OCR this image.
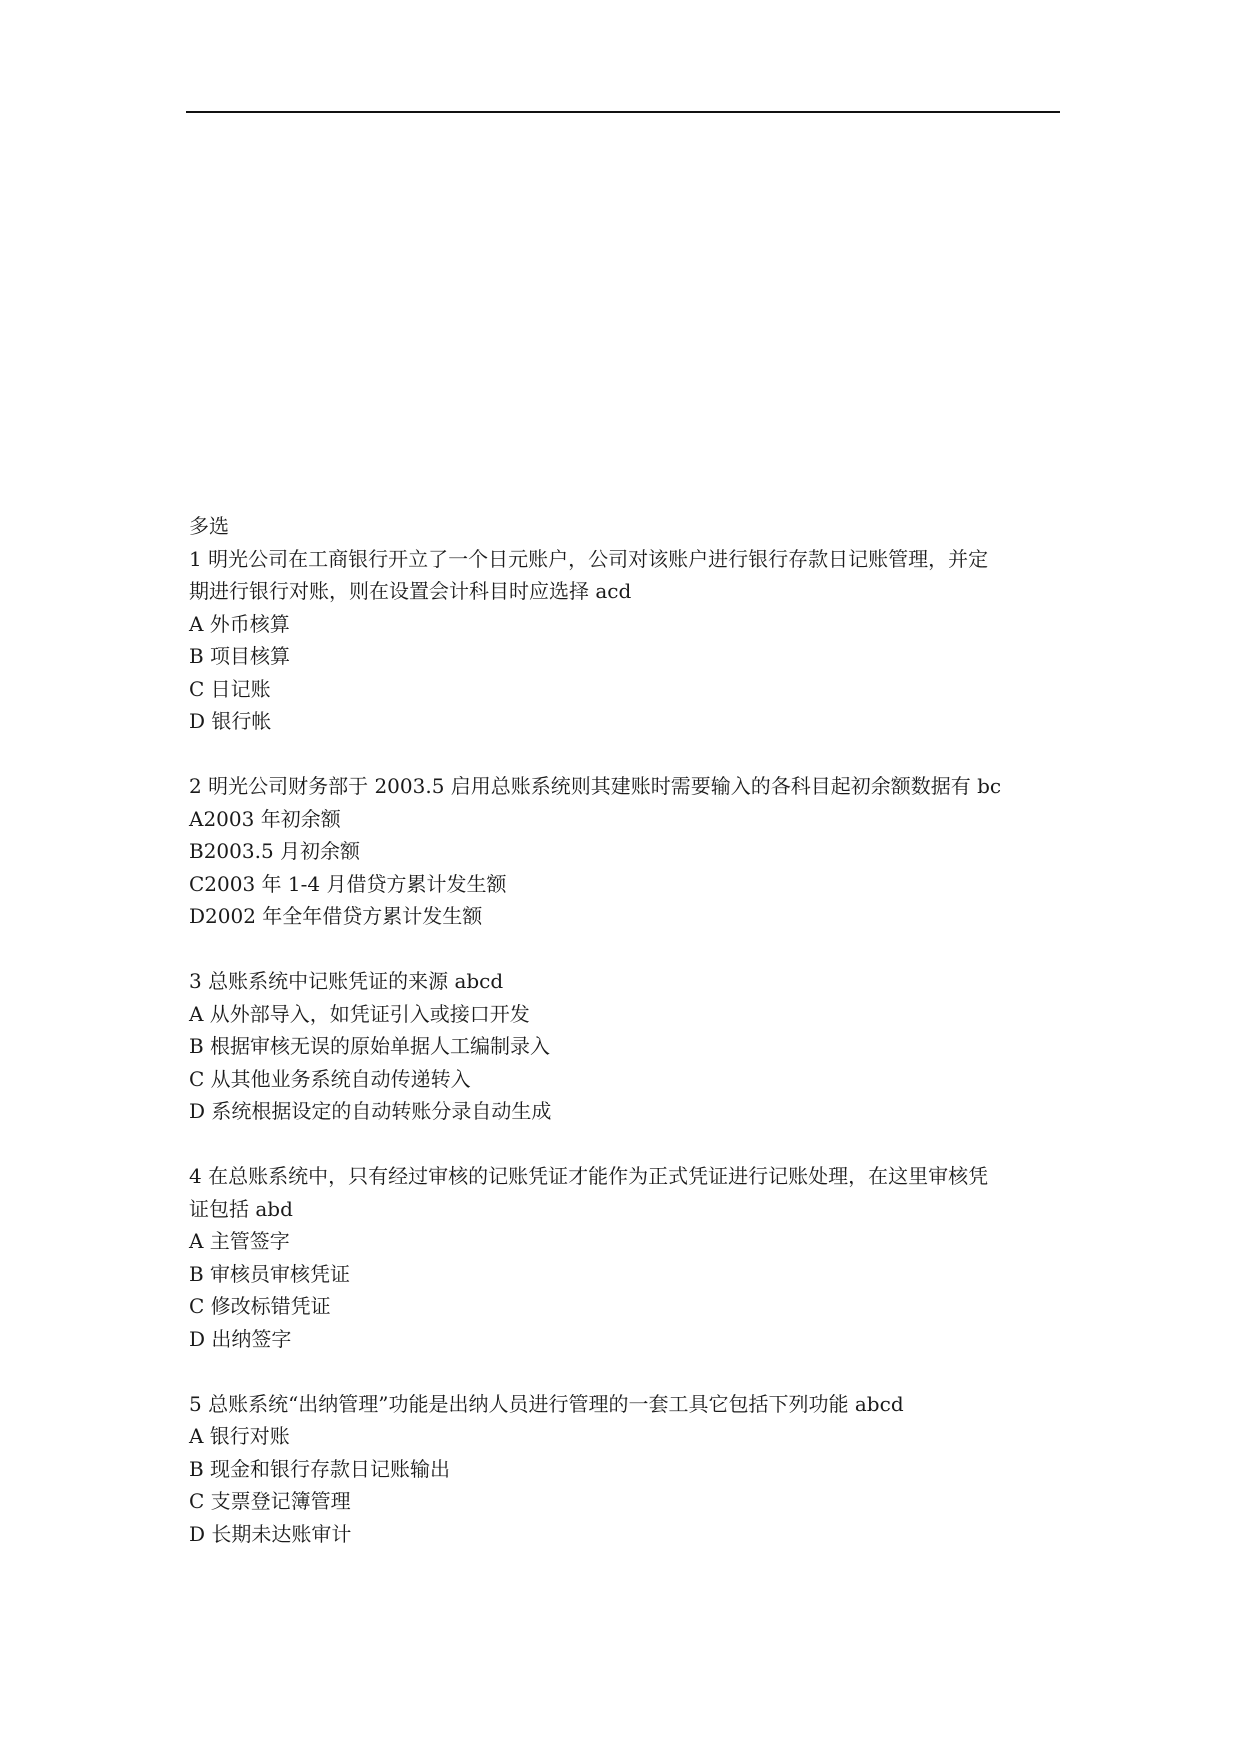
多选
1 明光公司在工商银行开立了一个日元账户，公司对该账户进行银行存款日记账管理，并定
期进行银行对账，则在设置会计科目时应选择 acd
A 外币核算
B 项目核算
C 日记账
D 银行帐
2 明光公司财务部于 2003.5 启用总账系统则其建账时需要输入的各科目起初余额数据有 bc
A2003 年初余额
B2003.5 月初余额
C2003 年 1-4 月借贷方累计发生额
D2002 年全年借贷方累计发生额
3 总账系统中记账凭证的来源 abcd
A 从外部导入，如凭证引入或接口开发
B 根据审核无误的原始单据人工编制录入
C 从其他业务系统自动传递转入
D 系统根据设定的自动转账分录自动生成
4 在总账系统中，只有经过审核的记账凭证才能作为正式凭证进行记账处理，在这里审核凭
证包括 abd
A 主管签字
B 审核员审核凭证
C 修改标错凭证
D 出纳签字
5 总账系统“出纳管理”功能是出纳人员进行管理的一套工具它包括下列功能 abcd
A 银行对账
B 现金和银行存款日记账输出
C 支票登记簿管理
D 长期未达账审计
